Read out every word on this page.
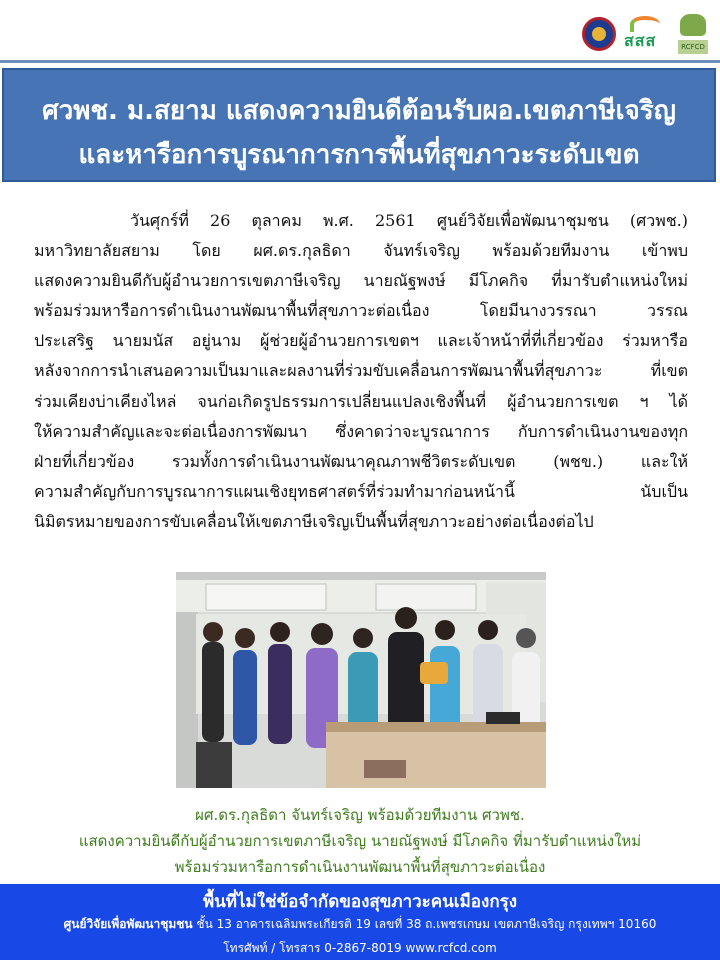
สสส	RCFCD
ศวพช. ม.สยาม แสดงความยินดีต้อนรับผอ.เขตภาษีเจริญ
และหารือการบูรณาการการพื้นที่สุขภาวะระดับเขต
วันศุกร์ที่ 26 ตุลาคม พ.ศ. 2561 ศูนย์วิจัยเพื่อพัฒนาชุมชน (ศวพช.)
มหาวิทยาลัยสยาม โดย ผศ.ดร.กุลธิดา จันทร์เจริญ พร้อมด้วยทีมงาน เข้าพบ
แสดงความยินดีกับผู้อำนวยการเขตภาษีเจริญ นายณัฐพงษ์ มีโภคกิจ ที่มารับตำแหน่งใหม่
พร้อมร่วมหารือการดำเนินงานพัฒนาพื้นที่สุขภาวะต่อเนื่อง โดยมีนางวรรณา วรรณ
ประเสริฐ นายมนัส อยู่นาม ผู้ช่วยผู้อำนวยการเขตฯ และเจ้าหน้าที่ที่เกี่ยวข้อง ร่วมหารือ
หลังจากการนำเสนอความเป็นมาและผลงานที่ร่วมขับเคลื่อนการพัฒนาพื้นที่สุขภาวะ ที่เขต
ร่วมเคียงบ่าเคียงไหล่ จนก่อเกิดรูปธรรมการเปลี่ยนแปลงเชิงพื้นที่ ผู้อำนวยการเขต ฯ ได้
ให้ความสำคัญและจะต่อเนื่องการพัฒนา ซึ่งคาดว่าจะบูรณาการ กับการดำเนินงานของทุก
ฝ่ายที่เกี่ยวข้อง รวมทั้งการดำเนินงานพัฒนาคุณภาพชีวิตระดับเขต (พชข.) และให้
ความสำคัญกับการบูรณาการแผนเชิงยุทธศาสตร์ที่ร่วมทำมาก่อนหน้านี้ นับเป็น
นิมิตรหมายของการขับเคลื่อนให้เขตภาษีเจริญเป็นพื้นที่สุขภาวะอย่างต่อเนื่องต่อไป
ผศ.ดร.กุลธิดา จันทร์เจริญ พร้อมด้วยทีมงาน ศวพช.
แสดงความยินดีกับผู้อำนวยการเขตภาษีเจริญ นายณัฐพงษ์ มีโภคกิจ ที่มารับตำแหน่งใหม่
พร้อมร่วมหารือการดำเนินงานพัฒนาพื้นที่สุขภาวะต่อเนื่อง
พื้นที่ไม่ใช่ข้อจำกัดของสุขภาวะคนเมืองกรุง
ศูนย์วิจัยเพื่อพัฒนาชุมชน ชั้น 13 อาคารเฉลิมพระเกียรติ 19 เลขที่ 38 ถ.เพชรเกษม เขตภาษีเจริญ กรุงเทพฯ 10160
โทรศัพท์ / โทรสาร 0-2867-8019 www.rcfcd.com
